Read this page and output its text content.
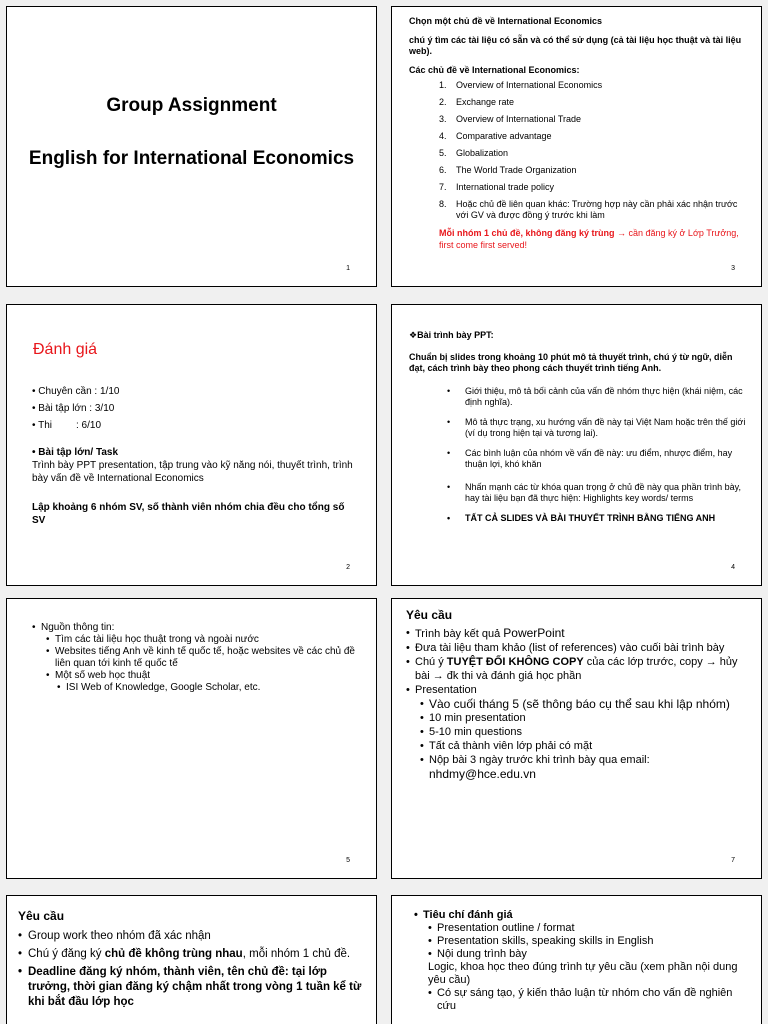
Group Assignment
English for International Economics
1

Chọn một chủ đề về International Economics

chú ý tìm các tài liệu có sẵn và có thể sử dụng (cả tài liệu học thuật và tài liệu web).

Các chủ đề về International Economics:

1.	Overview of International Economics
2.	Exchange rate
3.	Overview of International Trade
4.	Comparative advantage
5.	Globalization
6.	The World Trade Organization
7.	International trade policy
8.	Hoặc chủ đề liên quan khác: Trường hợp này cần phải xác nhận trước với GV và được đồng ý trước khi làm
Mỗi nhóm 1 chủ đề, không đăng ký trùng → cần đăng ký ở Lớp Trưởng, first come first served!
3
Đánh giá
• Chuyên cần : 1/10
• Bài tập lớn : 3/10
• Thi : 6/10
• Bài tập lớn/ Task
Trình bày PPT presentation, tập trung vào kỹ năng nói, thuyết trình, trình bày vấn đề về International Economics
Lập khoảng 6 nhóm SV, số thành viên nhóm chia đều cho tổng số SV
2
❖Bài trình bày PPT:
Chuẩn bị slides trong khoảng 10 phút mô tả thuyết trình, chú ý từ ngữ, diễn đạt, cách trình bày theo phong cách thuyết trình tiếng Anh.
•	Giới thiệu, mô tả bối cảnh của vấn đề nhóm thực hiện (khái niệm, các định nghĩa).
•	Mô tả thực trạng, xu hướng vấn đề này tại Việt Nam hoặc trên thế giới (ví dụ trong hiện tại và tương lai).
•	Các bình luận của nhóm về vấn đề này: ưu điểm, nhược điểm, hay thuận lợi, khó khăn
•	Nhấn mạnh các từ khóa quan trọng ở chủ đề này qua phần trình bày, hay tài liệu bạn đã thực hiện: Highlights key words/ terms
•	TẤT CẢ SLIDES VÀ BÀI THUYẾT TRÌNH BẰNG TIẾNG ANH
4
• Nguồn thông tin:
• Tìm các tài liệu học thuật trong và ngoài nước
• Websites tiếng Anh về kinh tế quốc tế, hoặc websites về các chủ đề liên quan tới kinh tế quốc tế
• Một số web học thuật
• ISI Web of Knowledge, Google Scholar, etc.
5
Yêu cầu
• Trình bày kết quả PowerPoint
• Đưa tài liệu tham khảo (list of references) vào cuối bài trình bày
• Chú ý TUYỆT ĐỐI KHÔNG COPY của các lớp trước, copy → hủy bài → đk thi và đánh giá học phần
• Presentation
• Vào cuối tháng 5 (sẽ thông báo cụ thể sau khi lập nhóm)
• 10 min presentation
• 5-10 min questions
• Tất cả thành viên lớp phải có mặt
• Nộp bài 3 ngày trước khi trình bày qua email:
nhdmy@hce.edu.vn
7
Yêu cầu
• Group work theo nhóm đã xác nhận
• Chú ý đăng ký chủ đề không trùng nhau, mỗi nhóm 1 chủ đề.
• Deadline đăng ký nhóm, thành viên, tên chủ đề: tại lớp trưởng, thời gian đăng ký chậm nhất trong vòng 1 tuần kể từ khi bắt đầu lớp học
• Tiêu chí đánh giá
• Presentation outline / format
• Presentation skills, speaking skills in English
• Nội dung trình bày
Logic, khoa học theo đúng trình tự yêu cầu (xem phần nội dung yêu cầu)
• Có sự sáng tạo, ý kiến thảo luận từ nhóm cho vấn đề nghiên cứu
